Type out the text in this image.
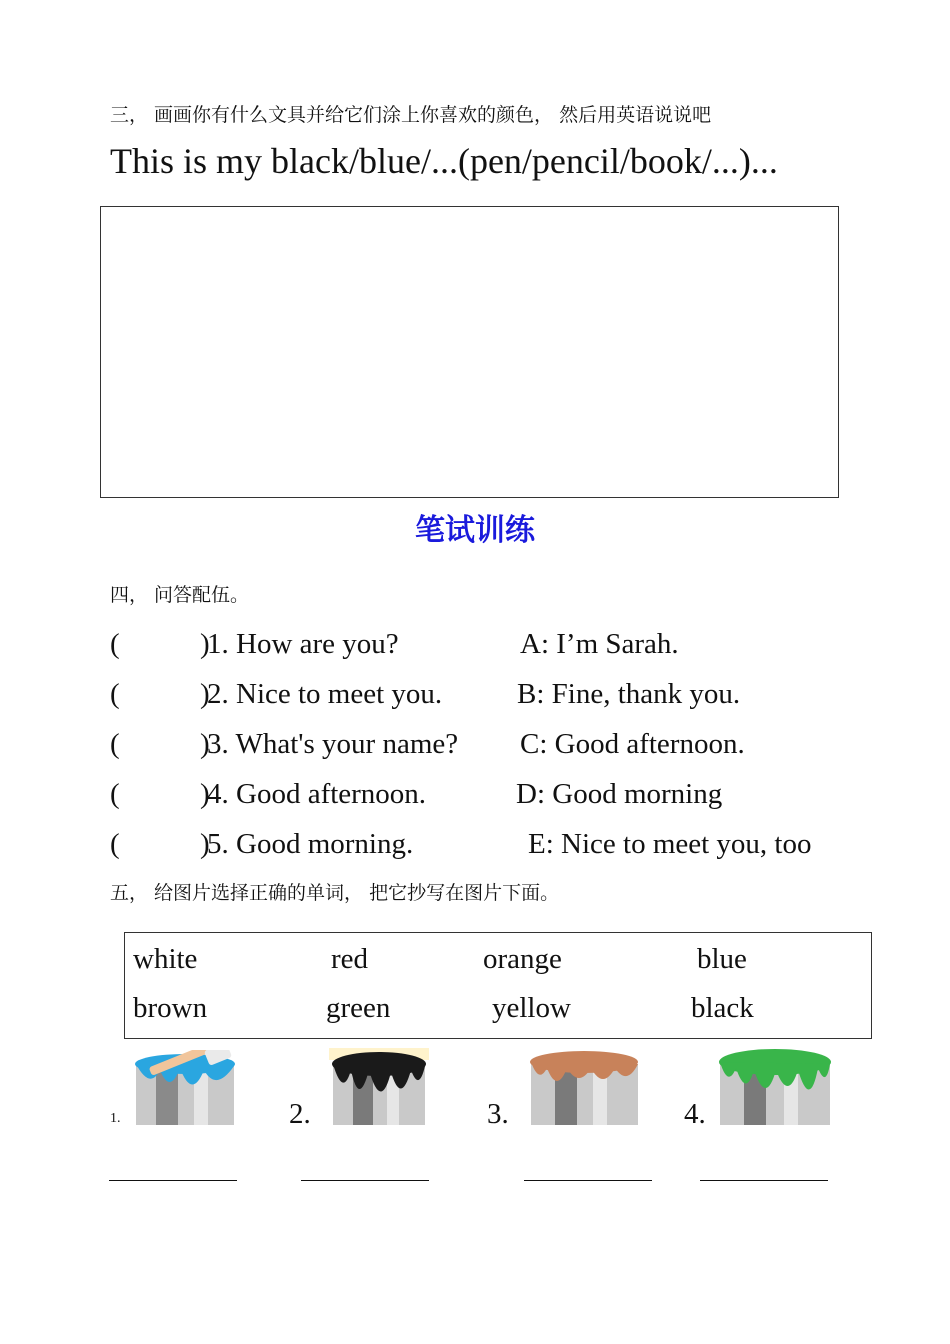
三， 画画你有什么文具并给它们涂上你喜欢的颜色， 然后用英语说说吧
This is my black/blue/...(pen/pencil/book/...)...
笔试训练
四， 问答配伍。
(	)
1. How are you?	A: I’m Sarah.
(	)
2. Nice to meet you.	B: Fine, thank you.
(	)
3. What's your name? C: Good afternoon.
(	)
4. Good afternoon.	D: Good morning
(	)
5. Good morning.	E: Nice to meet you, too
五， 给图片选择正确的单词， 把它抄写在图片下面。
white	red	orange	blue
brown	green	yellow	black
1.	2.	3.	4.
